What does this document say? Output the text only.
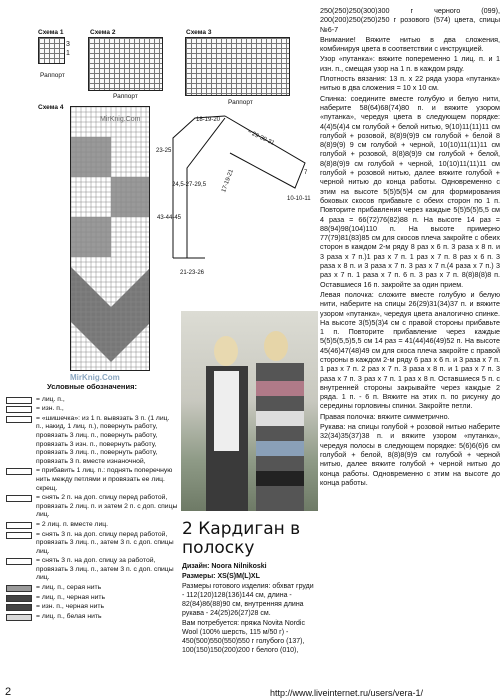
Схема 1
3
1
Раппорт
Схема 2
Раппорт
Схема 3
Раппорт
Схема 4
MirKnig.Com
MirKnig.Com
18-19-20
~ 29-30-31
17-19-21
23-25
24,5-27-29,5
43-44-45
21-23-26
10-10-11
7
Условные обозначения:
= лиц. п.,
= изн. п.,
= «шишечка»: из 1 п. вывязать 3 п. (1 лиц. п., накид, 1 лиц. п.), повернуть работу, провязать 3 лиц. п., повернуть работу, провязать 3 изн. п., повернуть работу, провязать 3 лиц. п., повернуть работу, провязать 3 п. вместе изнаночной,
= прибавить 1 лиц. п.: поднять поперечную нить между петлями и провязать ее лиц. скрещ.
= снять 2 п. на доп. спицу перед работой, провязать 2 лиц. п. и затем 2 п. с доп. спицы лиц.
= 2 лиц. п. вместе лиц.
= снять 3 п. на доп. спицу перед работой, провязать 3 лиц. п., затем 3 п. с доп. спицы лиц.
= снять 3 п. на доп. спицу за работой, провязать 3 лиц. п., затем 3 п. с доп. спицы лиц.
= лиц. п., серая нить
= лиц. п., черная нить
= изн. п., черная нить
= лиц. п., белая нить
2 Кардиган в полоску

Дизайн: Noora Nilnikoski

Размеры: XS(S)M(L)XL

Размеры готового изделия: обхват груди - 112(120)128(136)144 см, длина - 82(84)86(88)90 см, внутренняя длина рукава - 24(25)26(27)28 см.

Вам потребуется: пряжа Novita Nordic Wool (100% шерсть, 115 м/50 г) - 450(500)550(550)550 г голубого (137), 100(150)150(200)200 г белого (010),

250(250)250(300)300 г черного (099), 200(200)250(250)250 г розового (574) цвета, спицы №6-7

Внимание! Вяжите нитью в два сложения, комбинируя цвета в соответствии с инструкцией.

Узор «путанка»: вяжите попеременно 1 лиц. п. и 1 изн. п., смещая узор на 1 п. в каждом ряду.

Плотность вязания: 13 п. х 22 ряда узора «путанка» нитью в два сложения = 10 х 10 см.

Спинка: соедините вместе голубую и белую нити, наберите 58(64)68(74)80 п. и вяжите узором «путанка», чередуя цвета в следующем порядке: 4(4)5(4)4 см голубой + белой нитью, 9(10)11(11)11 см голубой + розовой, 8(8)9(9)9 см голубой + белой 8 8(8)9(9) 9 см голубой + черной, 10(10)11(11)11 см голубой + розовой, 8(8)8(9)9 см голубой + белой, 8(8)8(9)9 см голубой + черной, 10(10)11(11)11 см голубой + розовой нитью, далее вяжите голубой + черной нитью до конца работы. Одновременно с этим на высоте 5(5)5(5)4 см для формирования боковых скосов прибавьте с обеих сторон по 1 п. Повторите прибавления через каждые 5(5)5(5)5,5 см 4 раза = 66(72)76(82)88 п. На высоте 14 раз = 88(94)98(104)110 п. На высоте примерно 77(79)81(83)85 см для скосов плеча закройте с обеих сторон в каждом 2-м ряду 8 раз х 6 п. 3 раза х 8 п. и 3 раза х 7 п.)1 раз х 7 п. 1 раз х 7 п. 8 раз х 6 п. 3 раза х 8 п. и 3 раза х 7 п. 3 раз х 7 п.(4 раза х 7 п.) 3 раз х 7 п. 1 раза х 7 п. 6 п. 3 раз х 7 п. 8(8)8(8)8 п. Оставшиеся 16 п. закройте за один прием.

Левая полочка: сложите вместе голубую и белую нити, наберите на спицы 26(29)31(34)37 п. и вяжите узором «путанка», чередуя цвета аналогично спинке. На высоте 3(5)5(3)4 см с правой стороны прибавьте 1 п. Повторите прибавление через каждые 5(5)5(5,5)5,5 см 14 раз = 41(44)46(49)52 п. На высоте 45(46)47(48)49 см для скоса плеча закройте с правой стороны в каждом 2-м ряду 6 раз х 6 п. и 3 раза х 7 п. 1 раз х 7 п. 2 раз х 7 п. 3 раза х 8 п. и 1 раз х 7 п. 3 раза х 7 п. 3 раз х 7 п. 1 раз х 8 п. Оставшиеся 5 п. с внутренней стороны закрывайте через каждые 2 ряда. 1 п. - 6 п. Вяжите на этих п. по рисунку до середины горловины спинки. Закройте петли.

Правая полочка: вяжите симметрично.

Рукава: на спицы голубой + розовой нитью наберите 32(34)35(37)38 п. и вяжите узором «путанка», чередуя полосы в следующем порядке: 5(6)6(6)6 см голубой + белой, 8(8)8(9)9 см голубой + черной нитью, далее вяжите голубой + черной нитью до конца работы. Одновременно с этим на высоте до конца работы.

2	http://www.liveinternet.ru/users/vera-1/
